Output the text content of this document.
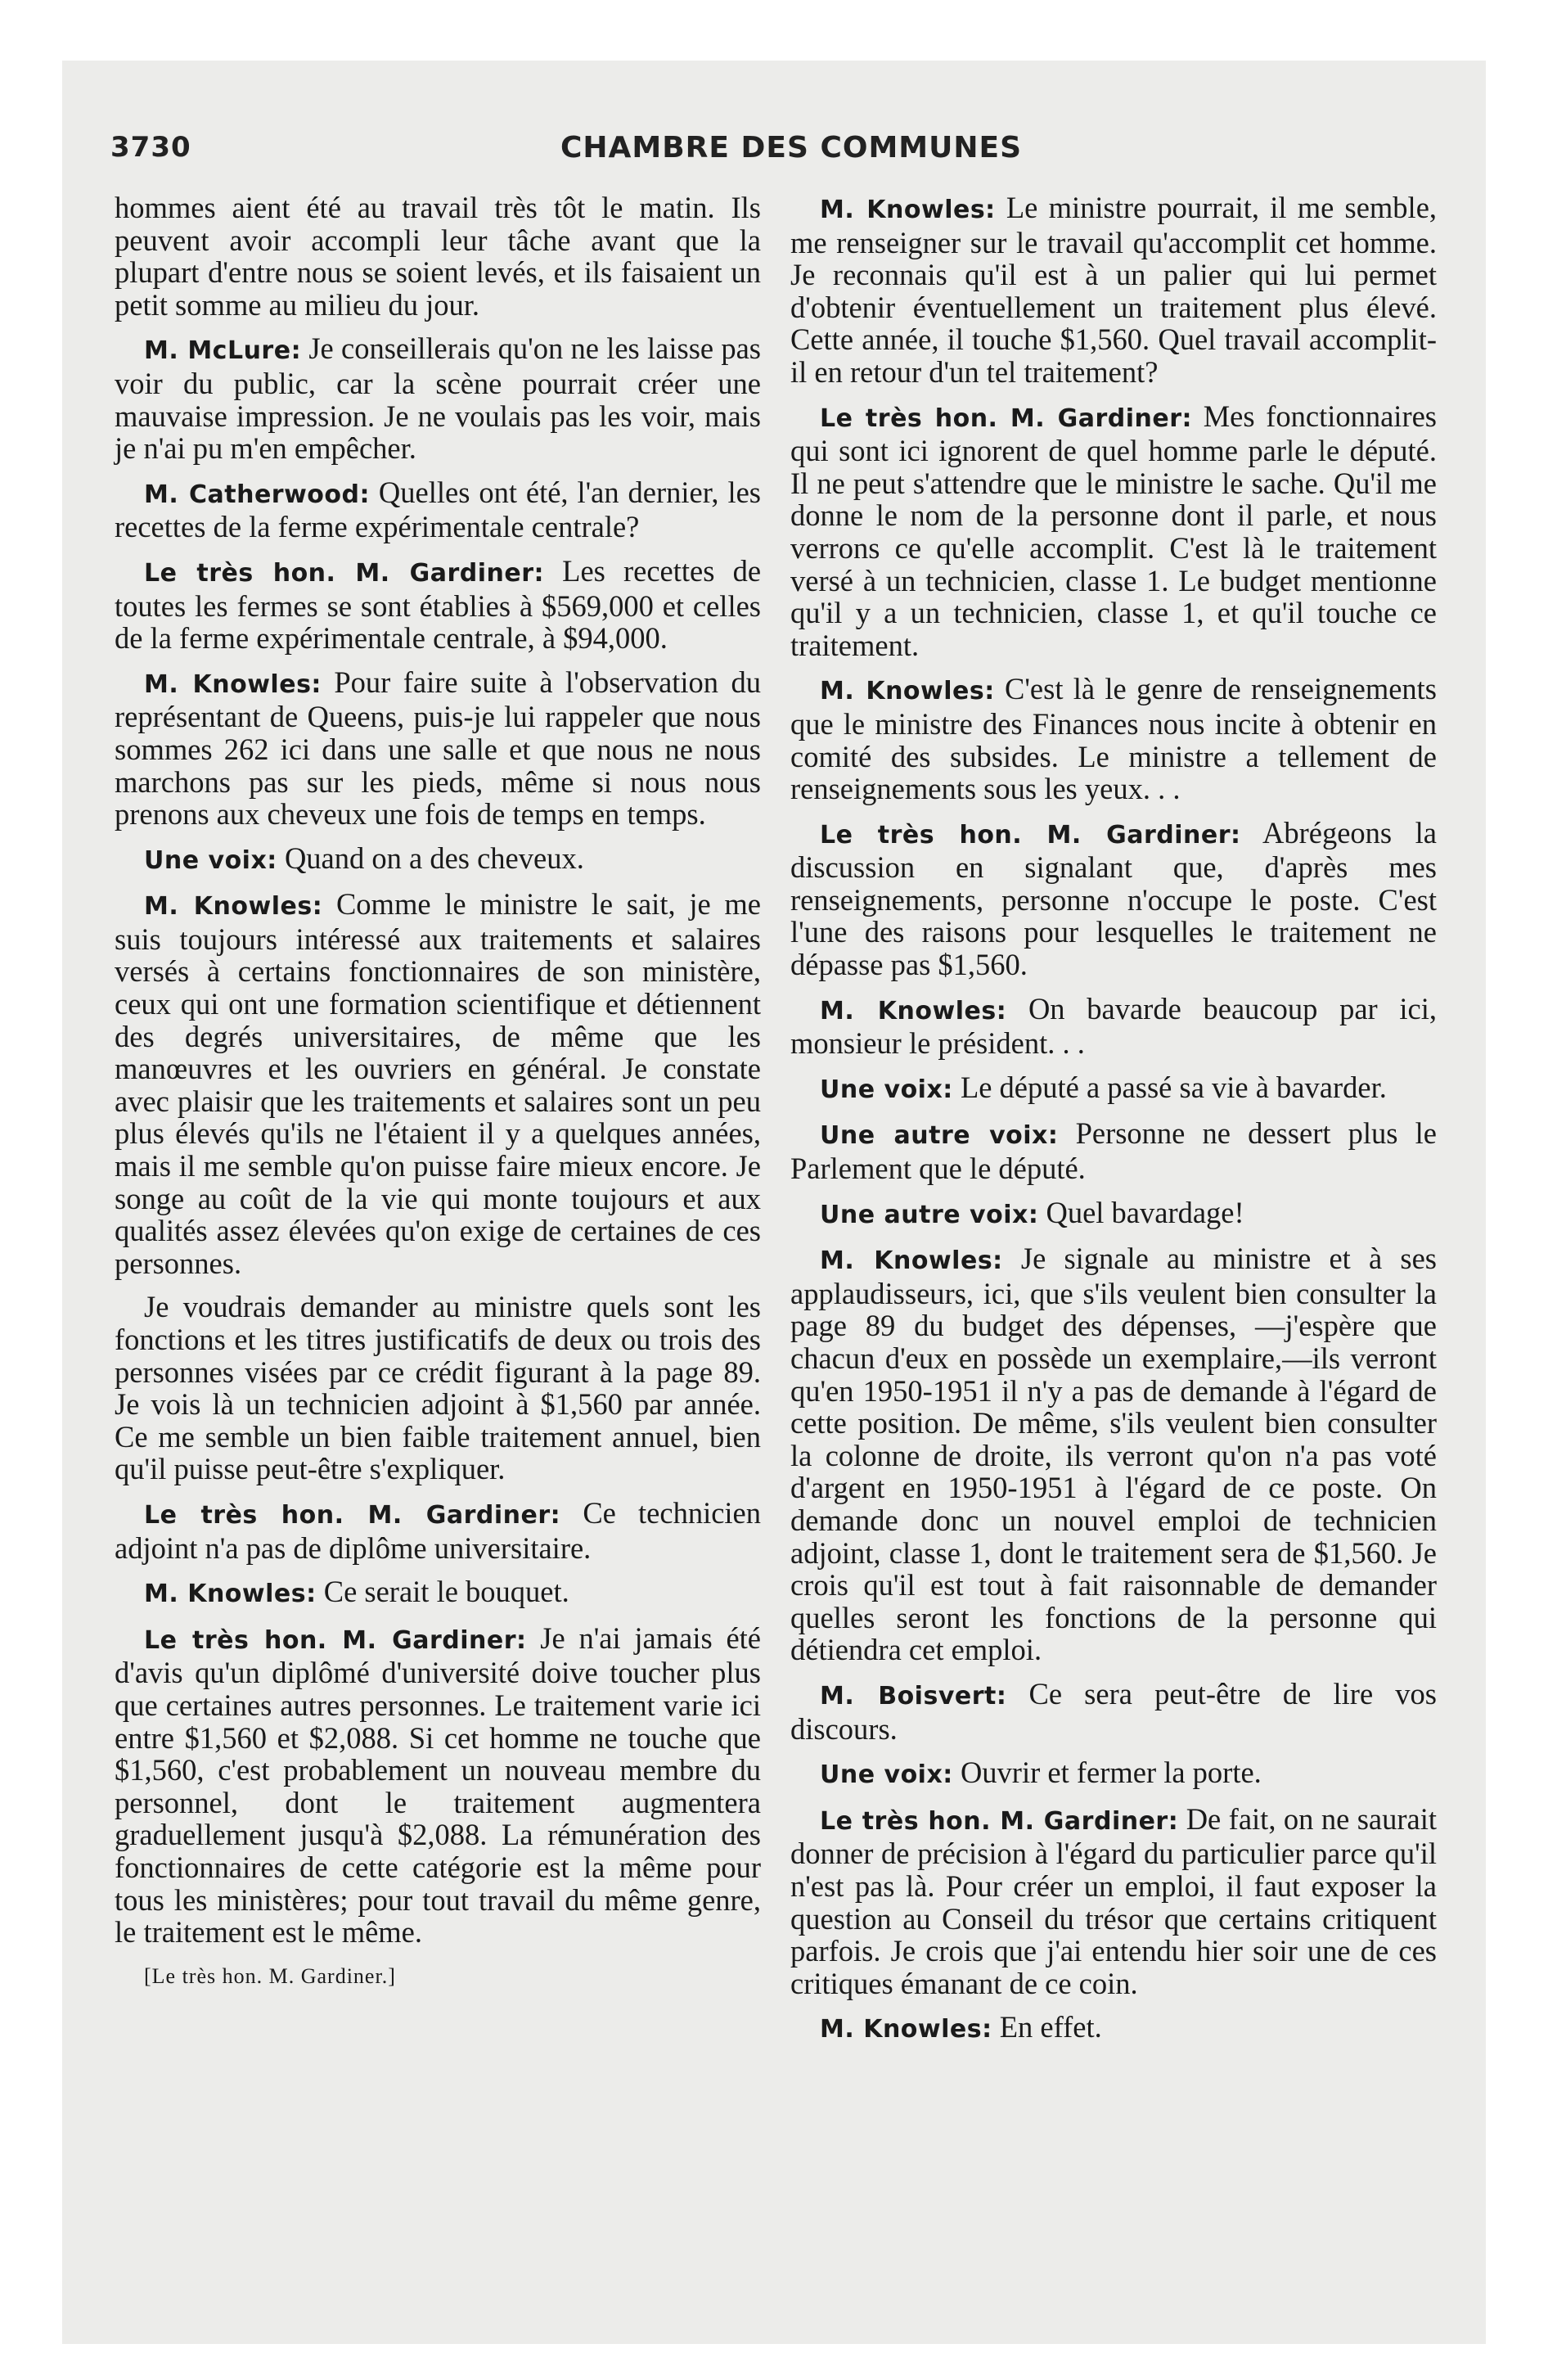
3730	CHAMBRE DES COMMUNES

hommes aient été au travail très tôt le matin. Ils peuvent avoir accompli leur tâche avant que la plupart d'entre nous se soient levés, et ils faisaient un petit somme au milieu du jour.

M. McLure: Je conseillerais qu'on ne les laisse pas voir du public, car la scène pourrait créer une mauvaise impression. Je ne voulais pas les voir, mais je n'ai pu m'en empêcher.

M. Catherwood: Quelles ont été, l'an dernier, les recettes de la ferme expérimentale centrale?

Le très hon. M. Gardiner: Les recettes de toutes les fermes se sont établies à $569,000 et celles de la ferme expérimentale centrale, à $94,000.

M. Knowles: Pour faire suite à l'observation du représentant de Queens, puis-je lui rappeler que nous sommes 262 ici dans une salle et que nous ne nous marchons pas sur les pieds, même si nous nous prenons aux cheveux une fois de temps en temps.

Une voix: Quand on a des cheveux.

M. Knowles: Comme le ministre le sait, je me suis toujours intéressé aux traitements et salaires versés à certains fonctionnaires de son ministère, ceux qui ont une formation scientifique et détiennent des degrés universitaires, de même que les manœuvres et les ouvriers en général. Je constate avec plaisir que les traitements et salaires sont un peu plus élevés qu'ils ne l'étaient il y a quelques années, mais il me semble qu'on puisse faire mieux encore. Je songe au coût de la vie qui monte toujours et aux qualités assez élevées qu'on exige de certaines de ces personnes.

Je voudrais demander au ministre quels sont les fonctions et les titres justificatifs de deux ou trois des personnes visées par ce crédit figurant à la page 89. Je vois là un technicien adjoint à $1,560 par année. Ce me semble un bien faible traitement annuel, bien qu'il puisse peut-être s'expliquer.

Le très hon. M. Gardiner: Ce technicien adjoint n'a pas de diplôme universitaire.

M. Knowles: Ce serait le bouquet.

Le très hon. M. Gardiner: Je n'ai jamais été d'avis qu'un diplômé d'université doive toucher plus que certaines autres personnes. Le traitement varie ici entre $1,560 et $2,088. Si cet homme ne touche que $1,560, c'est probablement un nouveau membre du personnel, dont le traitement augmentera graduellement jusqu'à $2,088. La rémunération des fonctionnaires de cette catégorie est la même pour tous les ministères; pour tout travail du même genre, le traitement est le même.

[Le très hon. M. Gardiner.]

M. Knowles: Le ministre pourrait, il me semble, me renseigner sur le travail qu'accomplit cet homme. Je reconnais qu'il est à un palier qui lui permet d'obtenir éventuellement un traitement plus élevé. Cette année, il touche $1,560. Quel travail accomplit-il en retour d'un tel traitement?

Le très hon. M. Gardiner: Mes fonctionnaires qui sont ici ignorent de quel homme parle le député. Il ne peut s'attendre que le ministre le sache. Qu'il me donne le nom de la personne dont il parle, et nous verrons ce qu'elle accomplit. C'est là le traitement versé à un technicien, classe 1. Le budget mentionne qu'il y a un technicien, classe 1, et qu'il touche ce traitement.

M. Knowles: C'est là le genre de renseignements que le ministre des Finances nous incite à obtenir en comité des subsides. Le ministre a tellement de renseignements sous les yeux. . .

Le très hon. M. Gardiner: Abrégeons la discussion en signalant que, d'après mes renseignements, personne n'occupe le poste. C'est l'une des raisons pour lesquelles le traitement ne dépasse pas $1,560.

M. Knowles: On bavarde beaucoup par ici, monsieur le président. . .

Une voix: Le député a passé sa vie à bavarder.

Une autre voix: Personne ne dessert plus le Parlement que le député.

Une autre voix: Quel bavardage!

M. Knowles: Je signale au ministre et à ses applaudisseurs, ici, que s'ils veulent bien consulter la page 89 du budget des dépenses, —j'espère que chacun d'eux en possède un exemplaire,—ils verront qu'en 1950-1951 il n'y a pas de demande à l'égard de cette position. De même, s'ils veulent bien consulter la colonne de droite, ils verront qu'on n'a pas voté d'argent en 1950-1951 à l'égard de ce poste. On demande donc un nouvel emploi de technicien adjoint, classe 1, dont le traitement sera de $1,560. Je crois qu'il est tout à fait raisonnable de demander quelles seront les fonctions de la personne qui détiendra cet emploi.

M. Boisvert: Ce sera peut-être de lire vos discours.

Une voix: Ouvrir et fermer la porte.

Le très hon. M. Gardiner: De fait, on ne saurait donner de précision à l'égard du particulier parce qu'il n'est pas là. Pour créer un emploi, il faut exposer la question au Conseil du trésor que certains critiquent parfois. Je crois que j'ai entendu hier soir une de ces critiques émanant de ce coin.

M. Knowles: En effet.
